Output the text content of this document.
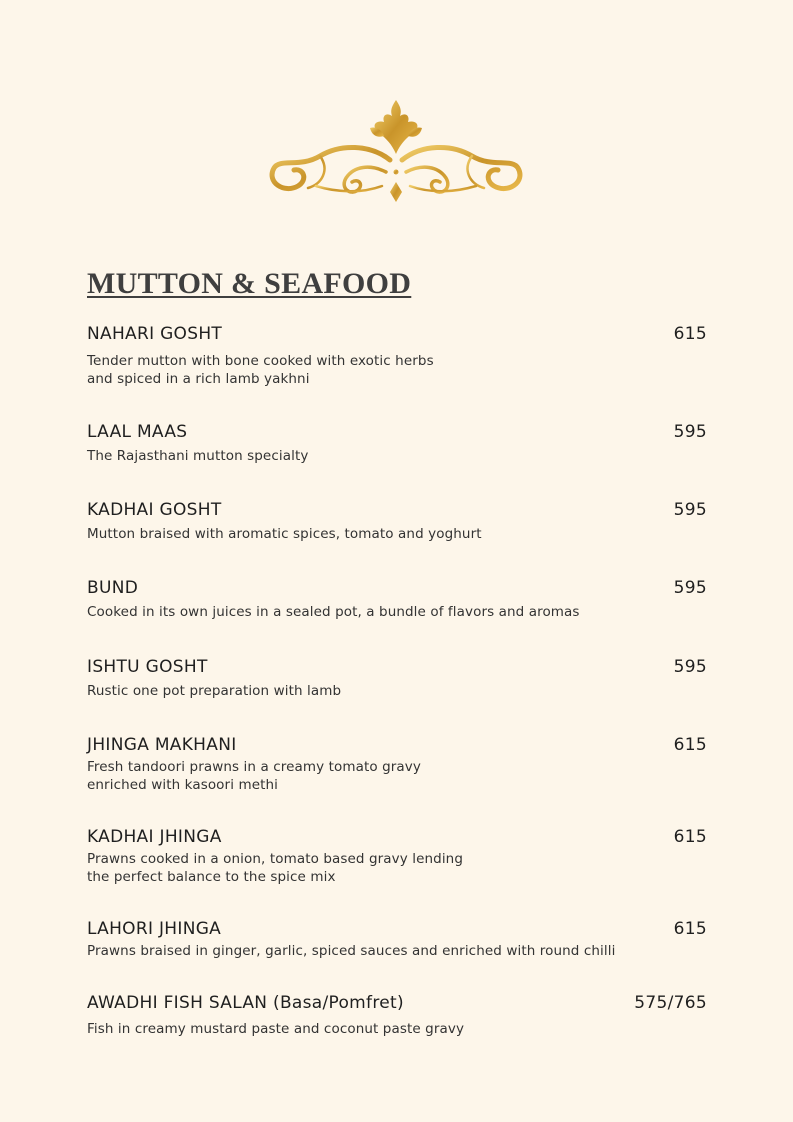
MUTTON & SEAFOOD
NAHARI GOSHT	615
Tender mutton with bone cooked with exotic herbs
and spiced in a rich lamb yakhni
LAAL MAAS	595
The Rajasthani mutton specialty
KADHAI GOSHT	595
Mutton braised with aromatic spices, tomato and yoghurt
BUND	595
Cooked in its own juices in a sealed pot, a bundle of flavors and aromas
ISHTU GOSHT	595
Rustic one pot preparation with lamb
JHINGA MAKHANI	615
Fresh tandoori prawns in a creamy tomato gravy
enriched with kasoori methi
KADHAI JHINGA	615
Prawns cooked in a onion, tomato based gravy lending
the perfect balance to the spice mix
LAHORI JHINGA	615
Prawns braised in ginger, garlic, spiced sauces and enriched with round chilli
AWADHI FISH SALAN (Basa/Pomfret)	575/765
Fish in creamy mustard paste and coconut paste gravy
